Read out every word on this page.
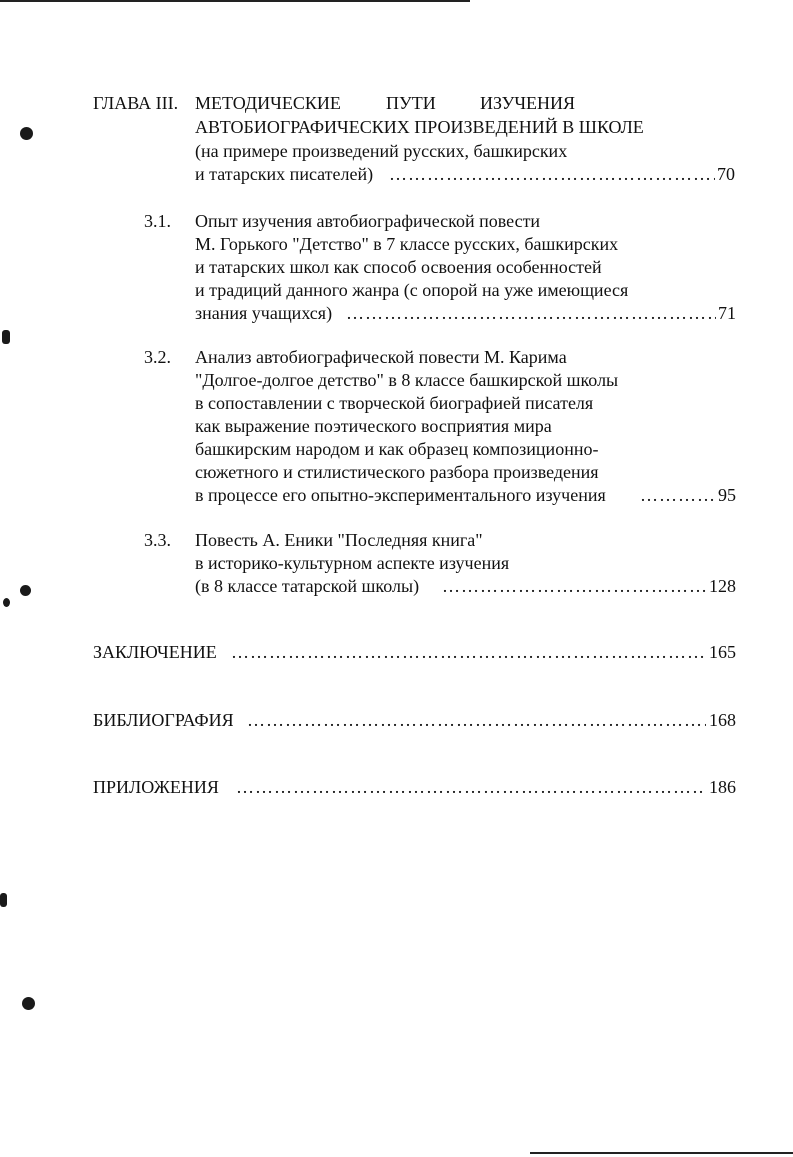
ГЛАВА III. МЕТОДИЧЕСКИЕ	ПУТИ ИЗУЧЕНИЯ
АВТОБИОГРАФИЧЕСКИХ ПРОИЗВЕДЕНИЙ В ШКОЛЕ
(на примере произведений русских, башкирских
и татарских писателей) …………………………………………………………………………………………………………………………	70
3.1. Опыт изучения автобиографической повести
М. Горького "Детство" в 7 классе русских, башкирских
и татарских школ как способ освоения особенностей
и традиций данного жанра (с опорой на уже имеющиеся
знания учащихся) …………………………………………………………………………………………………………………………	71
3.2. Анализ автобиографической повести М. Карима
"Долгое-долгое детство" в 8 классе башкирской школы
в сопоставлении с творческой биографией писателя
как выражение поэтического восприятия мира
башкирским народом и как образец композиционно-
сюжетного и стилистического разбора произведения
в процессе его опытно-экспериментального изучения …………………………………………………………………………………………………………………………	95
3.3. Повесть А. Еники "Последняя книга"
в историко-культурном аспекте изучения
(в 8 классе татарской школы) …………………………………………………………………………………………………………………………	128
ЗАКЛЮЧЕНИЕ …………………………………………………………………………………………………………………………	165
БИБЛИОГРАФИЯ …………………………………………………………………………………………………………………………	168
ПРИЛОЖЕНИЯ …………………………………………………………………………………………………………………………	186
